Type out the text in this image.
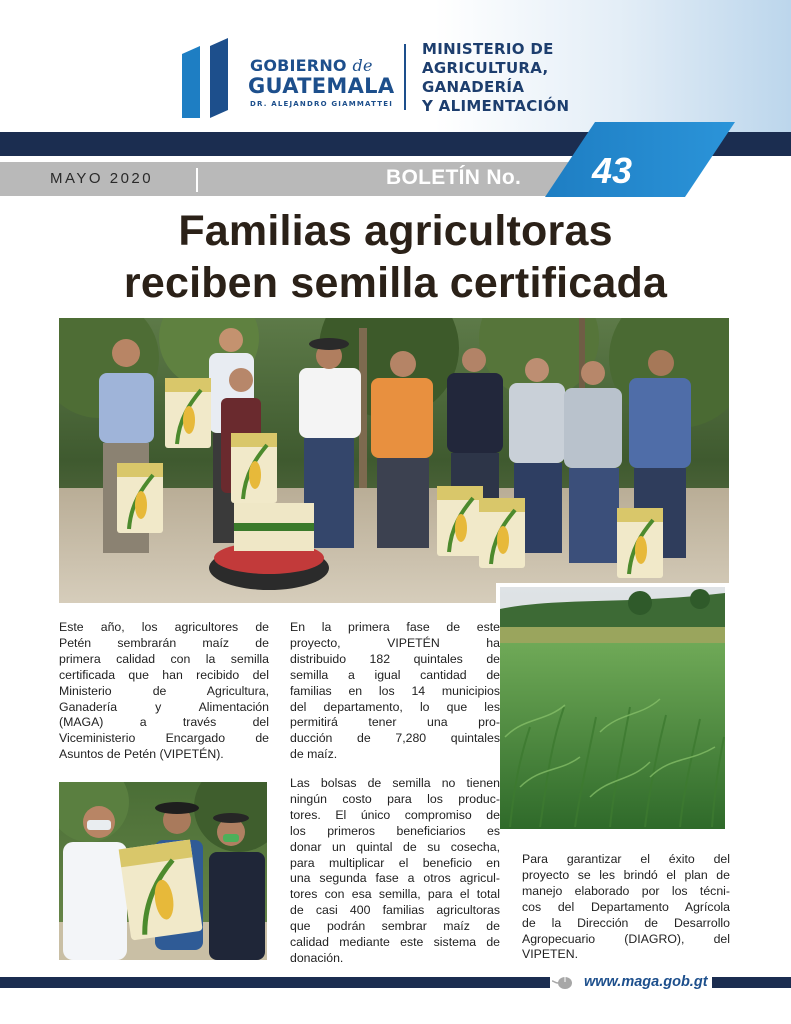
GOBIERNO de
GUATEMALA
DR. ALEJANDRO GIAMMATTEI
MINISTERIO DE
AGRICULTURA,
GANADERÍA
Y ALIMENTACIÓN
MAYO 2020	BOLETÍN No. 43
Familias agricultoras
reciben semilla certificada
Este año, los agricultores de
Petén sembrarán maíz de
primera calidad con la semilla
certificada que han recibido del
Ministerio de Agricultura,
Ganadería y Alimentación
(MAGA) a través del
Viceministerio Encargado de
Asuntos de Petén (VIPETÉN).
En la primera fase de este
proyecto, VIPETÉN ha
distribuido 182 quintales de
semilla a igual cantidad de
familias en los 14 municipios
del departamento, lo que les
permitirá tener una pro-
ducción de 7,280 quintales
de maíz.
Las bolsas de semilla no tienen
ningún costo para los produc-
tores. El único compromiso de
los primeros beneficiarios es
donar un quintal de su cosecha,
para multiplicar el beneficio en
una segunda fase a otros agricul-
tores con esa semilla, para el total
de casi 400 familias agricultoras
que podrán sembrar maíz de
calidad mediante este sistema de
donación.
Para garantizar el éxito del
proyecto se les brindó el plan de
manejo elaborado por los técni-
cos del Departamento Agrícola
de la Dirección de Desarrollo
Agropecuario (DIAGRO), del
VIPETEN.
www.maga.gob.gt
